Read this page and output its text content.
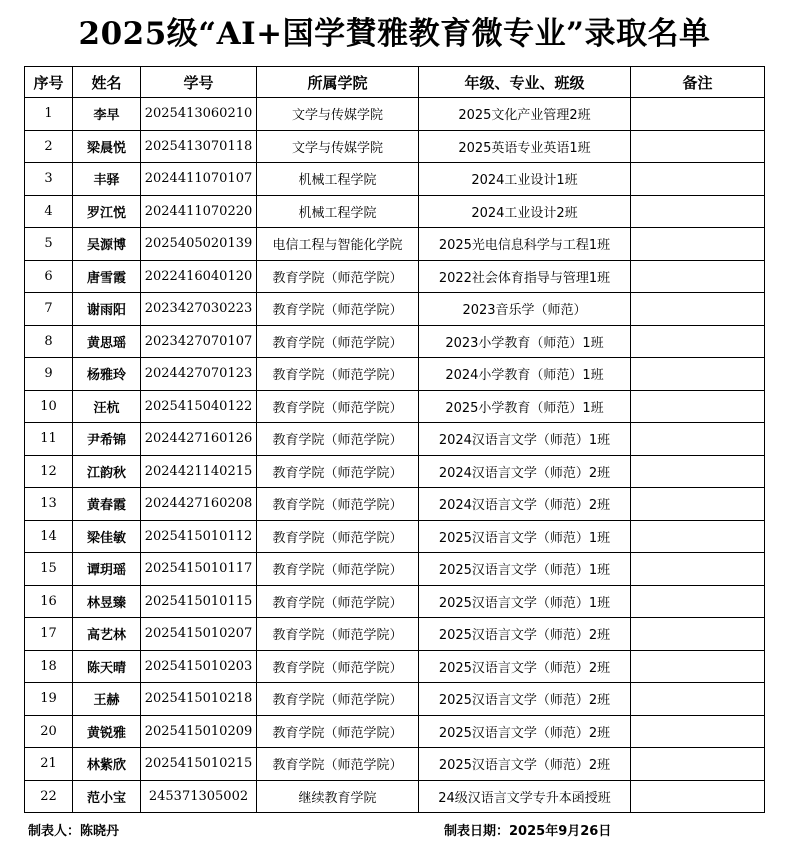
2025级“AI+国学賛雅教育微专业”录取名单
序号	姓名	学号	所属学院	年级、专业、班级	备注
1	李早	2025413060210	文学与传媒学院	2025文化产业管理2班	
2	梁晨悦	2025413070118	文学与传媒学院	2025英语专业英语1班	
3	丰驿	2024411070107	机械工程学院	2024工业设计1班	
4	罗江悦	2024411070220	机械工程学院	2024工业设计2班	
5	吴源博	2025405020139	电信工程与智能化学院	2025光电信息科学与工程1班	
6	唐雪霞	2022416040120	教育学院（师范学院）	2022社会体育指导与管理1班	
7	谢雨阳	2023427030223	教育学院（师范学院）	2023音乐学（师范）	
8	黄思瑶	2023427070107	教育学院（师范学院）	2023小学教育（师范）1班	
9	杨雅玲	2024427070123	教育学院（师范学院）	2024小学教育（师范）1班	
10	汪杭	2025415040122	教育学院（师范学院）	2025小学教育（师范）1班	
11	尹希锦	2024427160126	教育学院（师范学院）	2024汉语言文学（师范）1班	
12	江韵秋	2024421140215	教育学院（师范学院）	2024汉语言文学（师范）2班	
13	黄春霞	2024427160208	教育学院（师范学院）	2024汉语言文学（师范）2班	
14	梁佳敏	2025415010112	教育学院（师范学院）	2025汉语言文学（师范）1班	
15	谭玥瑶	2025415010117	教育学院（师范学院）	2025汉语言文学（师范）1班	
16	林昱臻	2025415010115	教育学院（师范学院）	2025汉语言文学（师范）1班	
17	高艺林	2025415010207	教育学院（师范学院）	2025汉语言文学（师范）2班	
18	陈天晴	2025415010203	教育学院（师范学院）	2025汉语言文学（师范）2班	
19	王赫	2025415010218	教育学院（师范学院）	2025汉语言文学（师范）2班	
20	黄锐雅	2025415010209	教育学院（师范学院）	2025汉语言文学（师范）2班	
21	林紫欣	2025415010215	教育学院（师范学院）	2025汉语言文学（师范）2班	
22	范小宝	245371305002	继续教育学院	24级汉语言文学专升本函授班	
制表人：陈晓丹	制表日期：2025年9月26日
